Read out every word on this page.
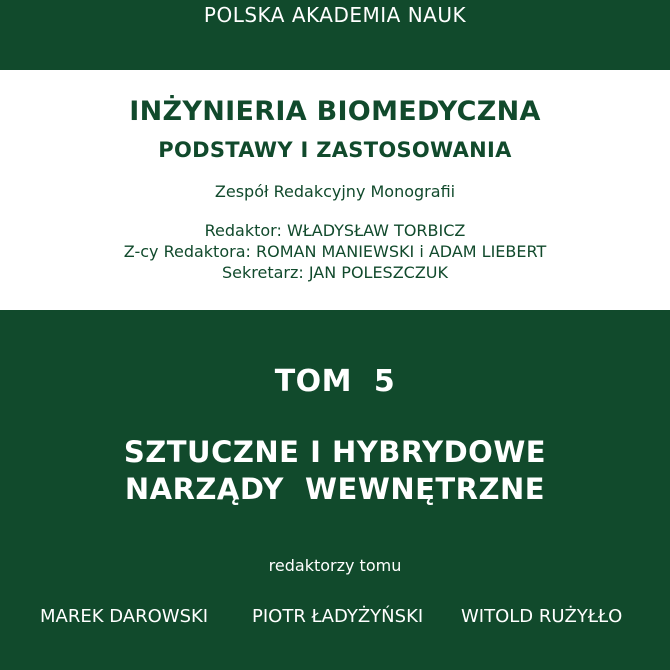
POLSKA AKADEMIA NAUK
INŻYNIERIA BIOMEDYCZNA
PODSTAWY I ZASTOSOWANIA
Zespół Redakcyjny Monografii
Redaktor: WŁADYSŁAW TORBICZ
Z-cy Redaktora: ROMAN MANIEWSKI i ADAM LIEBERT
Sekretarz: JAN POLESZCZUK
TOM  5
SZTUCZNE I HYBRYDOWE
NARZĄDY  WEWNĘTRZNE
redaktorzy tomu
MAREK DAROWSKI PIOTR ŁADYŻYŃSKI WITOLD RUŻYŁŁO
